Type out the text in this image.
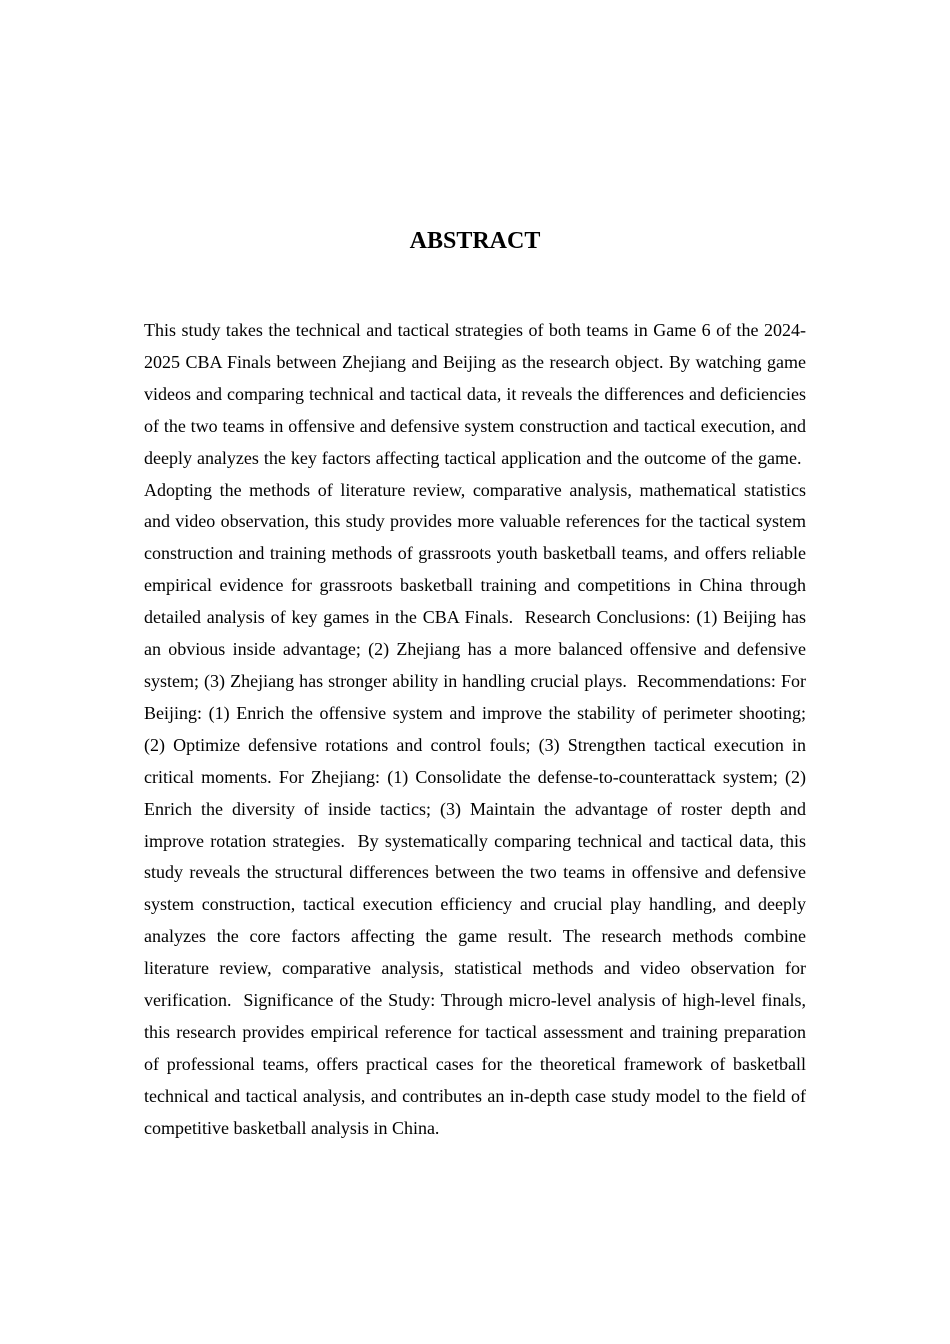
ABSTRACT

This study takes the technical and tactical strategies of both teams in Game 6 of the 2024-2025 CBA Finals between Zhejiang and Beijing as the research object. By watching game videos and comparing technical and tactical data, it reveals the differences and deficiencies of the two teams in offensive and defensive system construction and tactical execution, and deeply analyzes the key factors affecting tactical application and the outcome of the game.  Adopting the methods of literature review, comparative analysis, mathematical statistics and video observation, this study provides more valuable references for the tactical system construction and training methods of grassroots youth basketball teams, and offers reliable empirical evidence for grassroots basketball training and competitions in China through detailed analysis of key games in the CBA Finals.  Research Conclusions: (1) Beijing has an obvious inside advantage; (2) Zhejiang has a more balanced offensive and defensive system; (3) Zhejiang has stronger ability in handling crucial plays.  Recommendations: For Beijing: (1) Enrich the offensive system and improve the stability of perimeter shooting; (2) Optimize defensive rotations and control fouls; (3) Strengthen tactical execution in critical moments. For Zhejiang: (1) Consolidate the defense-to-counterattack system; (2) Enrich the diversity of inside tactics; (3) Maintain the advantage of roster depth and improve rotation strategies.  By systematically comparing technical and tactical data, this study reveals the structural differences between the two teams in offensive and defensive system construction, tactical execution efficiency and crucial play handling, and deeply analyzes the core factors affecting the game result. The research methods combine literature review, comparative analysis, statistical methods and video observation for verification.  Significance of the Study: Through micro-level analysis of high-level finals, this research provides empirical reference for tactical assessment and training preparation of professional teams, offers practical cases for the theoretical framework of basketball technical and tactical analysis, and contributes an in-depth case study model to the field of competitive basketball analysis in China.
